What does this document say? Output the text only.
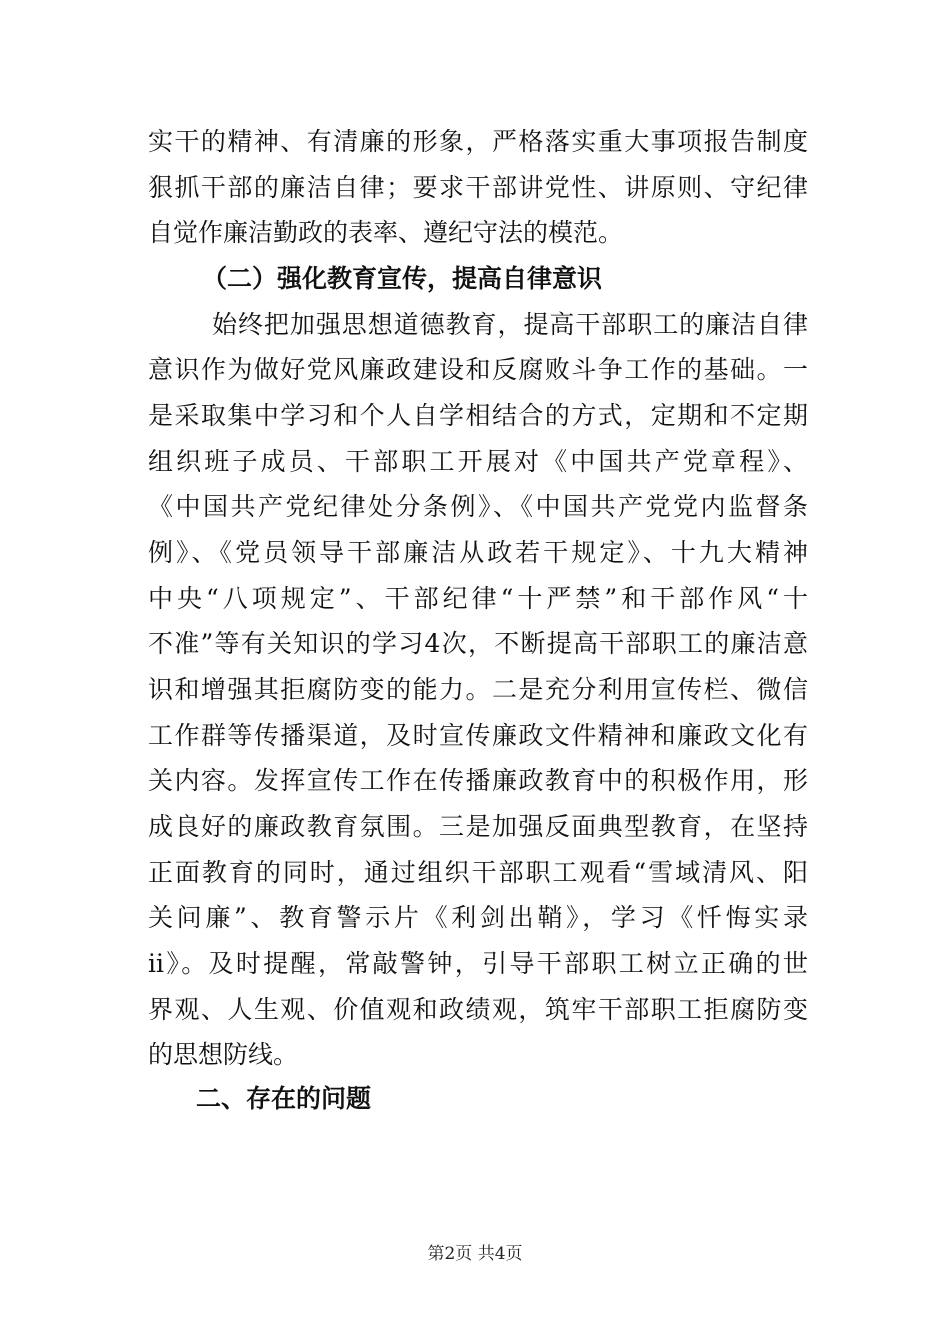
实干的精神、有清廉的形象，严格落实重大事项报告制度
狠抓干部的廉洁自律；要求干部讲党性、讲原则、守纪律
自觉作廉洁勤政的表率、遵纪守法的模范。
（二）强化教育宣传，提高自律意识
始终把加强思想道德教育，提高干部职工的廉洁自律
意识作为做好党风廉政建设和反腐败斗争工作的基础。一
是采取集中学习和个人自学相结合的方式，定期和不定期
组织班子成员、干部职工开展对《中国共产党章程》、
《中国共产党纪律处分条例》、《中国共产党党内监督条
例》、《党员领导干部廉洁从政若干规定》、十九大精神
中央“八项规定”、干部纪律“十严禁”和干部作风“十
不准”等有关知识的学习4次，不断提高干部职工的廉洁意
识和增强其拒腐防变的能力。二是充分利用宣传栏、微信
工作群等传播渠道，及时宣传廉政文件精神和廉政文化有
关内容。发挥宣传工作在传播廉政教育中的积极作用，形
成良好的廉政教育氛围。三是加强反面典型教育，在坚持
正面教育的同时，通过组织干部职工观看“雪域清风、阳
关问廉”、教育警示片《利剑出鞘》，学习《忏悔实录
ⅱ》。及时提醒，常敲警钟，引导干部职工树立正确的世
界观、人生观、价值观和政绩观，筑牢干部职工拒腐防变
的思想防线。
二、存在的问题
第2页 共4页
